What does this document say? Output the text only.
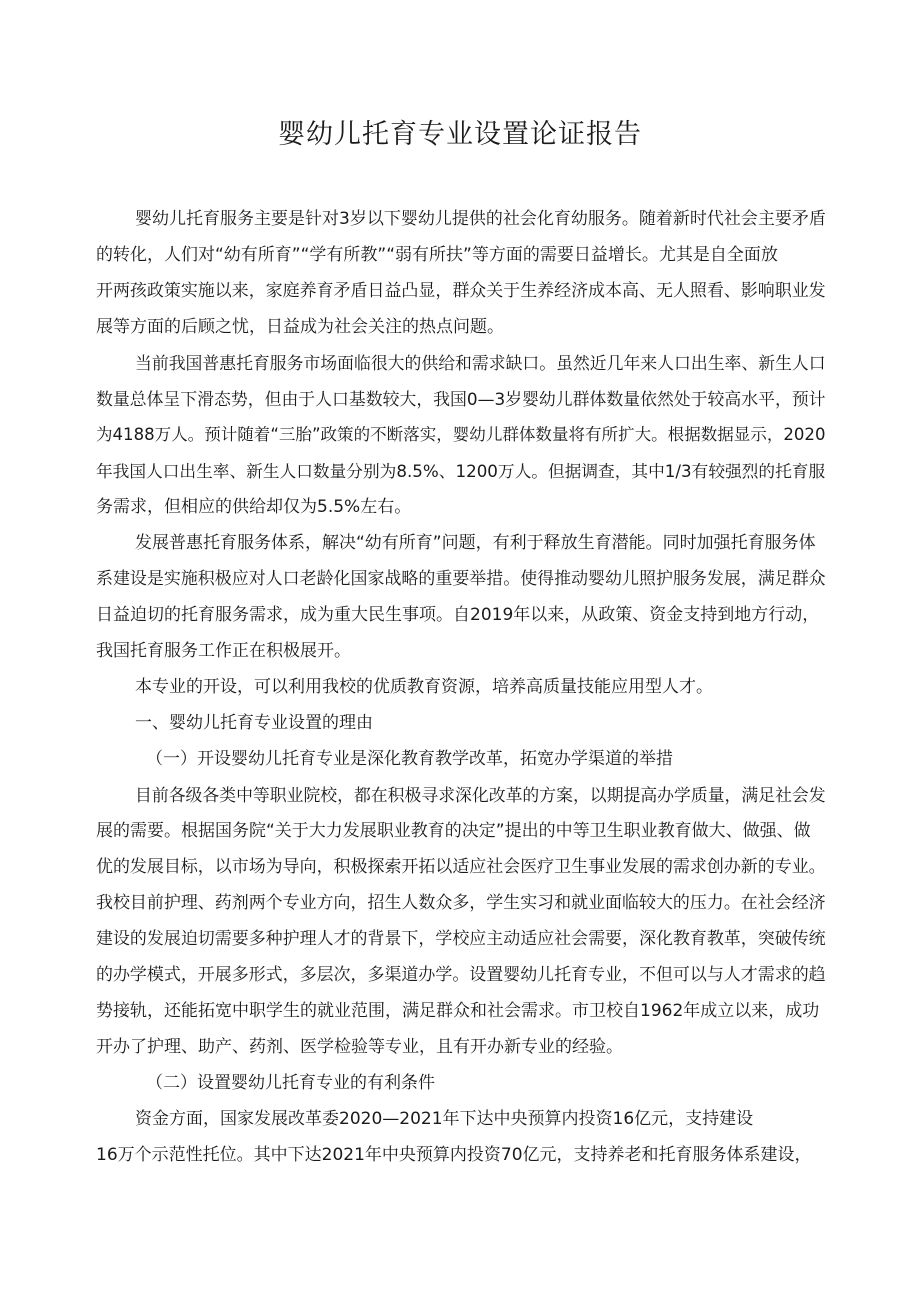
婴幼儿托育专业设置论证报告
婴幼儿托育服务主要是针对3岁以下婴幼儿提供的社会化育幼服务。随着新时代社会主要矛盾
的转化，人们对“幼有所育”“学有所教”“弱有所扶”等方面的需要日益增长。尤其是自全面放
开两孩政策实施以来，家庭养育矛盾日益凸显，群众关于生养经济成本高、无人照看、影响职业发
展等方面的后顾之忧，日益成为社会关注的热点问题。
当前我国普惠托育服务市场面临很大的供给和需求缺口。虽然近几年来人口出生率、新生人口
数量总体呈下滑态势，但由于人口基数较大，我国0—3岁婴幼儿群体数量依然处于较高水平，预计
为4188万人。预计随着“三胎”政策的不断落实，婴幼儿群体数量将有所扩大。根据数据显示，2020
年我国人口出生率、新生人口数量分别为8.5%、1200万人。但据调查，其中1/3有较强烈的托育服
务需求，但相应的供给却仅为5.5%左右。
发展普惠托育服务体系，解决“幼有所育”问题，有利于释放生育潜能。同时加强托育服务体
系建设是实施积极应对人口老龄化国家战略的重要举措。使得推动婴幼儿照护服务发展，满足群众
日益迫切的托育服务需求，成为重大民生事项。自2019年以来，从政策、资金支持到地方行动，
我国托育服务工作正在积极展开。
本专业的开设，可以利用我校的优质教育资源，培养高质量技能应用型人才。
一、婴幼儿托育专业设置的理由
（一）开设婴幼儿托育专业是深化教育教学改革，拓宽办学渠道的举措
目前各级各类中等职业院校，都在积极寻求深化改革的方案，以期提高办学质量，满足社会发
展的需要。根据国务院“关于大力发展职业教育的决定”提出的中等卫生职业教育做大、做强、做
优的发展目标，以市场为导向，积极探索开拓以适应社会医疗卫生事业发展的需求创办新的专业。
我校目前护理、药剂两个专业方向，招生人数众多，学生实习和就业面临较大的压力。在社会经济
建设的发展迫切需要多种护理人才的背景下，学校应主动适应社会需要，深化教育教革，突破传统
的办学模式，开展多形式，多层次，多渠道办学。设置婴幼儿托育专业，不但可以与人才需求的趋
势接轨，还能拓宽中职学生的就业范围，满足群众和社会需求。市卫校自1962年成立以来，成功
开办了护理、助产、药剂、医学检验等专业，且有开办新专业的经验。
（二）设置婴幼儿托育专业的有利条件
资金方面，国家发展改革委2020—2021年下达中央预算内投资16亿元，支持建设
16万个示范性托位。其中下达2021年中央预算内投资70亿元，支持养老和托育服务体系建设，
